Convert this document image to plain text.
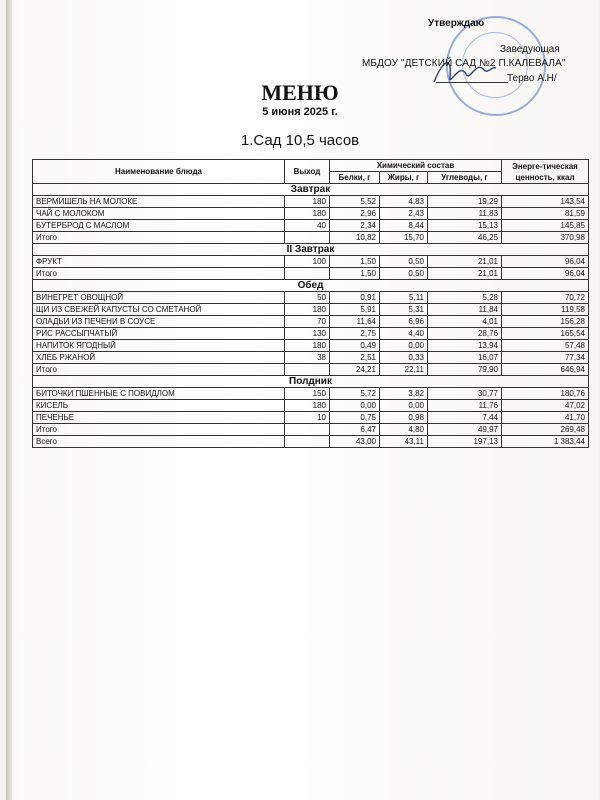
Утверждаю
Заведующая
МБДОУ "ДЕТСКИЙ САД №2 П.КАЛЕВАЛА"
Терво А.Н/
МЕНЮ
5 июня 2025 г.
1.Сад 10,5 часов
Наименование блюда	Выход	Химический состав			Энерге-тическая ценность, ккал
		Белки, г	Жиры, г	Углеводы, г	
Завтрак					
ВЕРМИШЕЛЬ НА МОЛОКЕ	180	5,52	4,83	19,29	143,54
ЧАЙ С МОЛОКОМ	180	2,96	2,43	11,83	81,59
БУТЕРБРОД С МАСЛОМ	40	2,34	8,44	15,13	145,85
Итого		10,82	15,70	46,25	370,98
II Завтрак					
ФРУКТ	100	1,50	0,50	21,01	96,04
Итого		1,50	0,50	21,01	96,04
Обед					
ВИНЕГРЕТ ОВОЩНОЙ	50	0,91	5,11	5,28	70,72
ЩИ ИЗ СВЕЖЕЙ КАПУСТЫ СО СМЕТАНОЙ	180	5,91	5,31	11,84	119,58
ОЛАДЬИ ИЗ ПЕЧЕНИ В СОУСЕ	70	11,64	6,96	4,01	156,28
РИС РАССЫПЧАТЫЙ	130	2,75	4,40	28,76	165,54
НАПИТОК ЯГОДНЫЙ	180	0,49	0,00	13,94	57,48
ХЛЕБ РЖАНОЙ	38	2,51	0,33	16,07	77,34
Итого		24,21	22,11	79,90	646,94
Полдник					
БИТОЧКИ ПШЕННЫЕ С ПОВИДЛОМ	150	5,72	3,82	30,77	180,76
КИСЕЛЬ	180	0,00	0,00	11,76	47,02
ПЕЧЕНЬЕ	10	0,75	0,98	7,44	41,70
Итого		6,47	4,80	49,97	269,48
Всего		43,00	43,11	197,13	1 383,44
